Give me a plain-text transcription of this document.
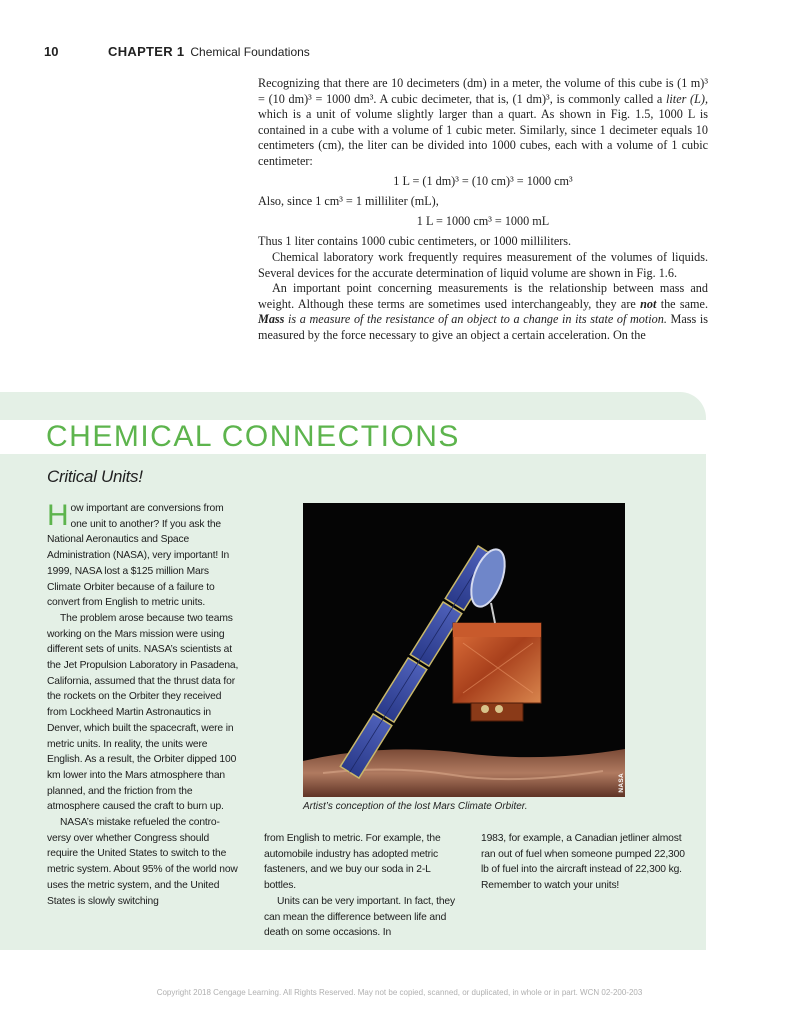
10	CHAPTER 1 Chemical Foundations

Recognizing that there are 10 decimeters (dm) in a meter, the volume of this cube is (1 m)³ = (10 dm)³ = 1000 dm³. A cubic decimeter, that is, (1 dm)³, is commonly called a liter (L), which is a unit of volume slightly larger than a quart. As shown in Fig. 1.5, 1000 L is contained in a cube with a volume of 1 cubic meter. Similarly, since 1 decimeter equals 10 centimeters (cm), the liter can be divided into 1000 cubes, each with a volume of 1 cubic centimeter:

1 L = (1 dm)³ = (10 cm)³ = 1000 cm³

Also, since 1 cm³ = 1 milliliter (mL),

1 L = 1000 cm³ = 1000 mL

Thus 1 liter contains 1000 cubic centimeters, or 1000 milliliters.

Chemical laboratory work frequently requires measurement of the volumes of liquids. Several devices for the accurate determination of liquid volume are shown in Fig. 1.6.

An important point concerning measurements is the relationship between mass and weight. Although these terms are sometimes used interchangeably, they are not the same. Mass is a measure of the resistance of an object to a change in its state of motion. Mass is measured by the force necessary to give an object a certain acceleration. On the

CHEMICAL CONNECTIONS
Critical Units!

How important are conversions from one unit to another? If you ask the National Aeronautics and Space Administration (NASA), very important! In 1999, NASA lost a $125 million Mars Climate Orbiter because of a failure to convert from English to metric units.

The problem arose because two teams working on the Mars mission were using different sets of units. NASA’s scientists at the Jet Propulsion Laboratory in Pasadena, California, assumed that the thrust data for the rockets on the Orbiter they received from Lockheed Martin Astronautics in Denver, which built the spacecraft, were in metric units. In reality, the units were English. As a result, the Orbiter dipped 100 km lower into the Mars atmosphere than planned, and the friction from the atmosphere caused the craft to burn up.

NASA’s mistake refueled the contro- versy over whether Congress should require the United States to switch to the metric system. About 95% of the world now uses the metric system, and the United States is slowly switching

NASA
Artist’s conception of the lost Mars Climate Orbiter.

from English to metric. For example, the automobile industry has adopted metric fasteners, and we buy our soda in 2-L bottles.

Units can be very important. In fact, they can mean the difference between life and death on some occasions. In

1983, for example, a Canadian jetliner almost ran out of fuel when someone pumped 22,300 lb of fuel into the aircraft instead of 22,300 kg. Remember to watch your units!

Copyright 2018 Cengage Learning. All Rights Reserved. May not be copied, scanned, or duplicated, in whole or in part. WCN 02-200-203
